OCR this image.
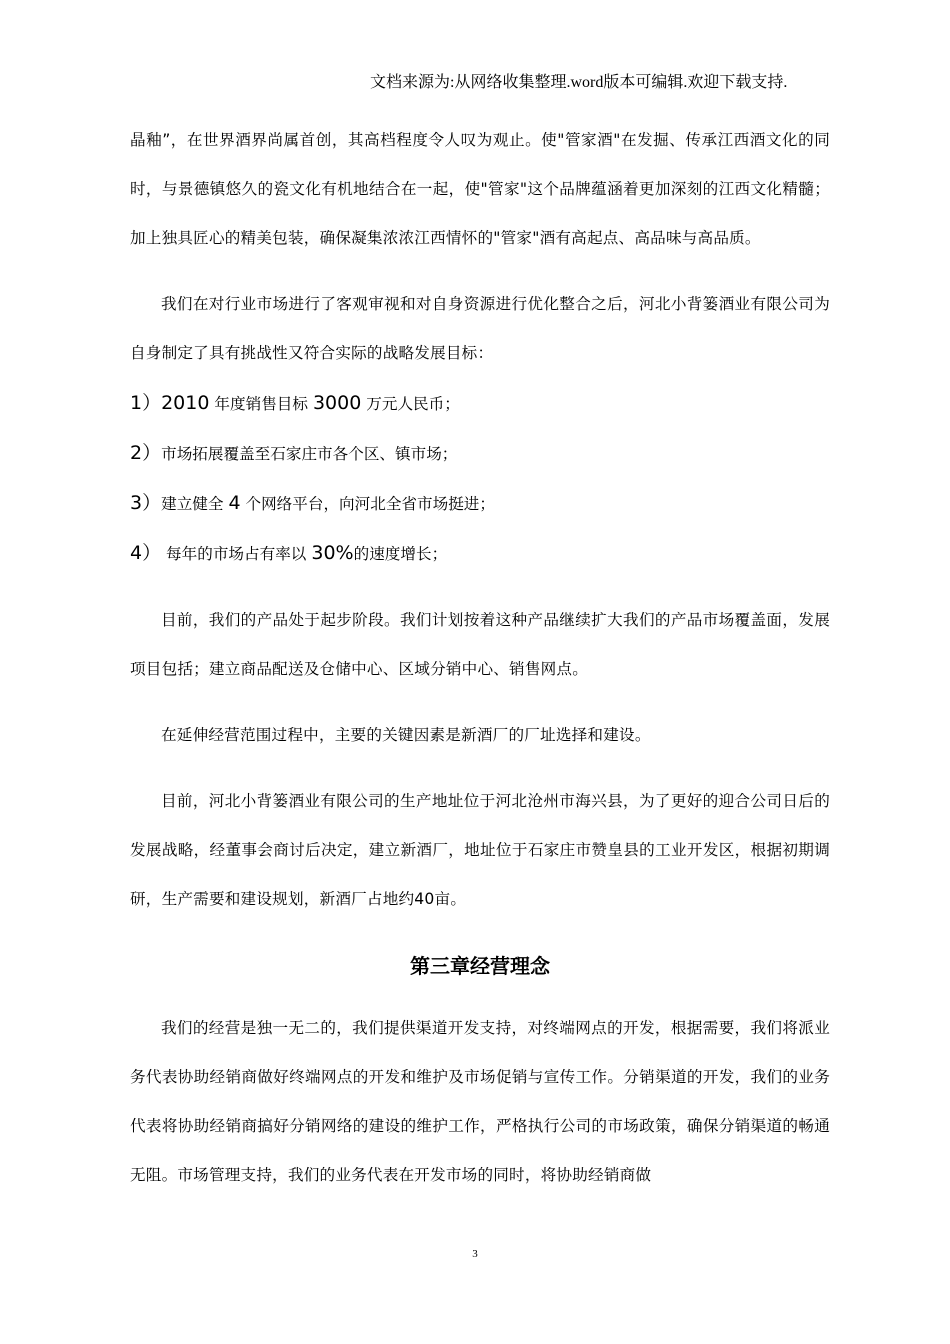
文档来源为:从网络收集整理.word版本可编辑.欢迎下载支持.

晶釉”，在世界酒界尚属首创，其高档程度令人叹为观止。使"管家酒"在发掘、传承江西酒文化的同时，与景德镇悠久的瓷文化有机地结合在一起，使"管家"这个品牌蕴涵着更加深刻的江西文化精髓；加上独具匠心的精美包装，确保凝集浓浓江西情怀的"管家"酒有高起点、高品味与高品质。

我们在对行业市场进行了客观审视和对自身资源进行优化整合之后，河北小背篓酒业有限公司为自身制定了具有挑战性又符合实际的战略发展目标：

1）2010 年度销售目标 3000 万元人民币；
2）市场拓展覆盖至石家庄市各个区、镇市场；
3）建立健全 4 个网络平台，向河北全省市场挺进；
4） 每年的市场占有率以 30%的速度增长；

目前，我们的产品处于起步阶段。我们计划按着这种产品继续扩大我们的产品市场覆盖面，发展项目包括；建立商品配送及仓储中心、区域分销中心、销售网点。

在延伸经营范围过程中，主要的关键因素是新酒厂的厂址选择和建设。

目前，河北小背篓酒业有限公司的生产地址位于河北沧州市海兴县，为了更好的迎合公司日后的发展战略，经董事会商讨后决定，建立新酒厂，地址位于石家庄市赞皇县的工业开发区，根据初期调研，生产需要和建设规划，新酒厂占地约40亩。

第三章经营理念

我们的经营是独一无二的，我们提供渠道开发支持，对终端网点的开发，根据需要，我们将派业务代表协助经销商做好终端网点的开发和维护及市场促销与宣传工作。分销渠道的开发，我们的业务代表将协助经销商搞好分销网络的建设的维护工作，严格执行公司的市场政策，确保分销渠道的畅通无阻。市场管理支持，我们的业务代表在开发市场的同时，将协助经销商做

3
